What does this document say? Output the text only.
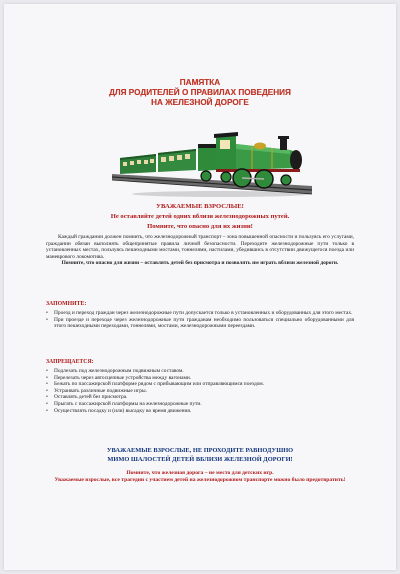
ПАМЯТКА
ДЛЯ РОДИТЕЛЕЙ О ПРАВИЛАХ ПОВЕДЕНИЯ
НА ЖЕЛЕЗНОЙ ДОРОГЕ
УВАЖАЕМЫЕ ВЗРОСЛЫЕ!
Не оставляйте детей одних вблизи железнодорожных путей.
Помните, что опасно для их жизни!

Каждый гражданин должен помнить, что железнодорожный транспорт – зона повышенной опасности и пользуясь его услугами, гражданин обязан выполнять общепринятые правила личной безопасности. Переходите железнодорожные пути только в установленных местах, пользуясь пешеходными мостами, тоннелями, настилами, убедившись в отсутствии движущегося поезда или маневрового локомотива.

Помните, что опасно для жизни – оставлять детей без присмотра и позволять им играть вблизи железной дороги.

ЗАПОМНИТЕ:
• Проезд и переход граждан через железнодорожные пути допускается только в установленных и оборудованных для этого местах.
• При проезде и переходе через железнодорожные пути гражданам необходимо пользоваться специально оборудованными для этого пешеходными переходами, тоннелями, мостами, железнодорожными переездами.
ЗАПРЕЩАЕТСЯ:
• Подлезать под железнодорожным подвижным составом.
• Перелезать через автосцепные устройства между вагонами.
• Бежать по пассажирской платформе рядом с прибывающим или отправляющимся поездом.
• Устраивать различные подвижные игры.
• Оставлять детей без присмотра.
• Прыгать с пассажирской платформы на железнодорожные пути.
• Осуществлять посадку и (или) высадку во время движения.
УВАЖАЕМЫЕ ВЗРОСЛЫЕ, НЕ ПРОХОДИТЕ РАВНОДУШНО
МИМО ШАЛОСТЕЙ ДЕТЕЙ ВБЛИЗИ ЖЕЛЕЗНОЙ ДОРОГИ!
Помните, что железная дорога – не место для детских игр.
Уважаемые взрослые, все трагедии с участием детей на железнодорожном транспорте можно было предотвратить!
